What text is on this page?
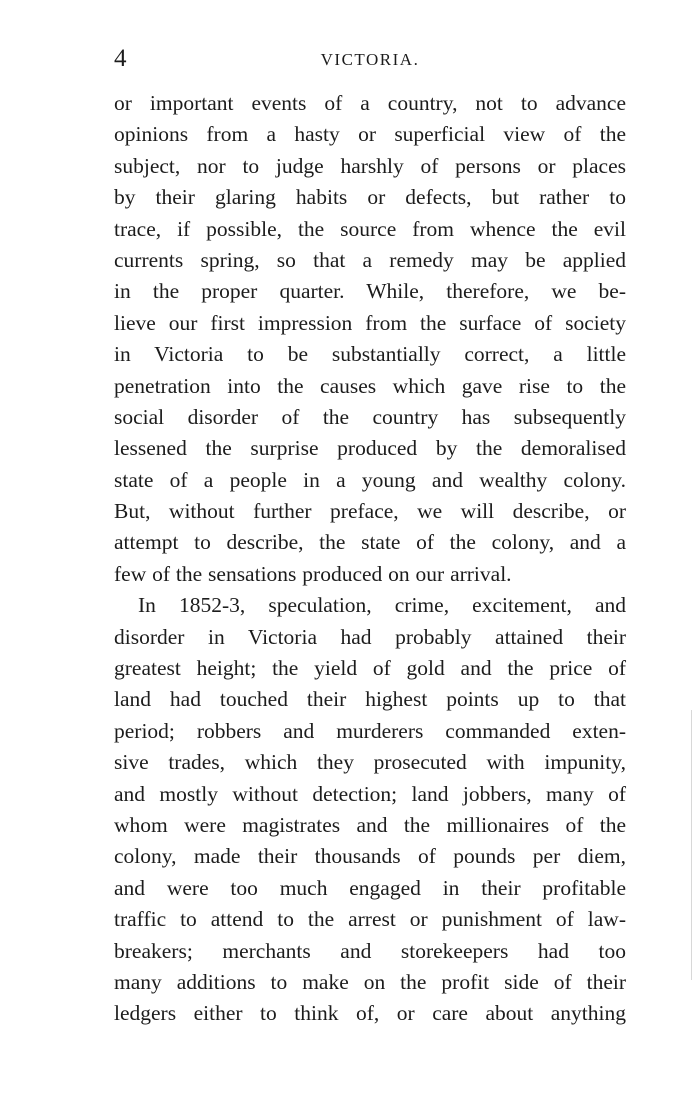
4	VICTORIA.
or important events of a country, not to advance
opinions from a hasty or superficial view of the
subject, nor to judge harshly of persons or places
by their glaring habits or defects, but rather to
trace, if possible, the source from whence the evil
currents spring, so that a remedy may be applied
in the proper quarter. While, therefore, we be-
lieve our first impression from the surface of society
in Victoria to be substantially correct, a little
penetration into the causes which gave rise to the
social disorder of the country has subsequently
lessened the surprise produced by the demoralised
state of a people in a young and wealthy colony.
But, without further preface, we will describe, or
attempt to describe, the state of the colony, and a
few of the sensations produced on our arrival.
In 1852-3, speculation, crime, excitement, and
disorder in Victoria had probably attained their
greatest height; the yield of gold and the price of
land had touched their highest points up to that
period; robbers and murderers commanded exten-
sive trades, which they prosecuted with impunity,
and mostly without detection; land jobbers, many of
whom were magistrates and the millionaires of the
colony, made their thousands of pounds per diem,
and were too much engaged in their profitable
traffic to attend to the arrest or punishment of law-
breakers; merchants and storekeepers had too
many additions to make on the profit side of their
ledgers either to think of, or care about anything
